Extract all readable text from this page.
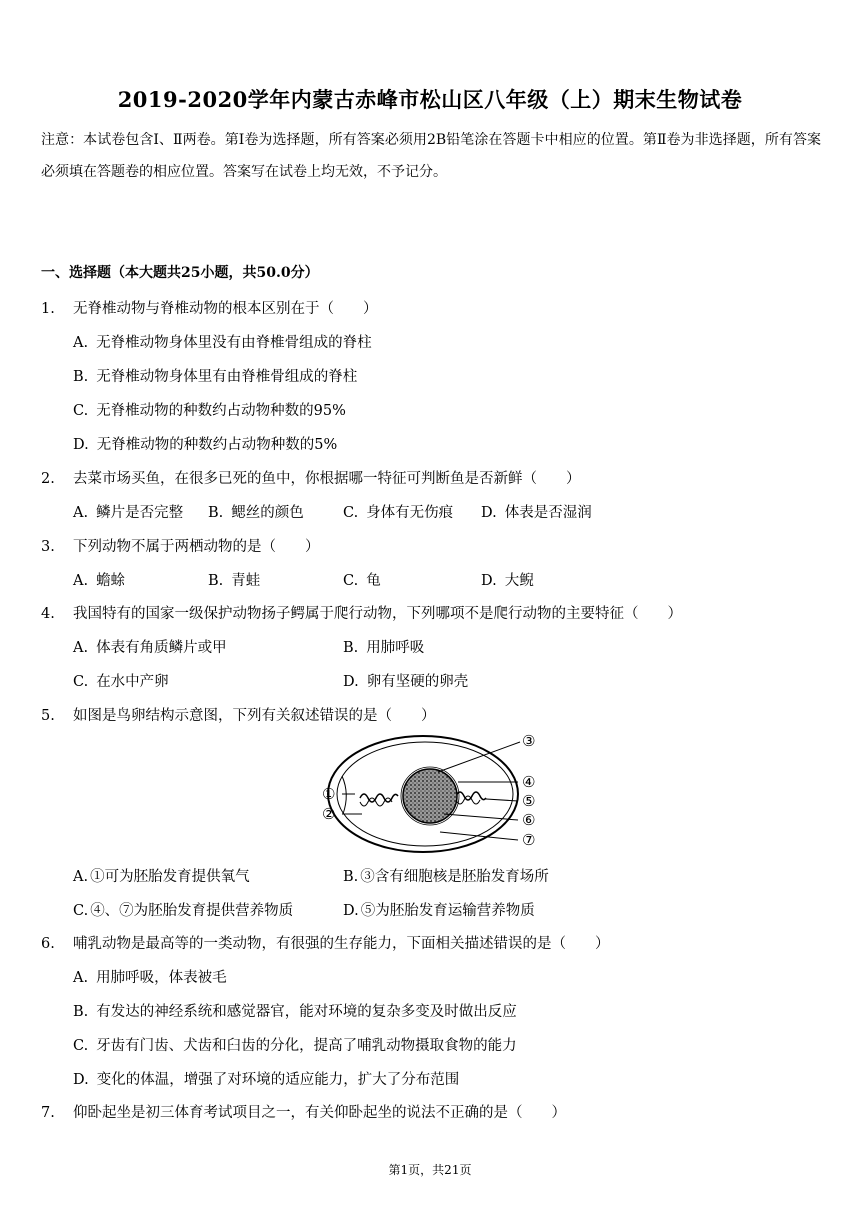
2019-2020学年内蒙古赤峰市松山区八年级（上）期末生物试卷
注意：本试卷包含Ⅰ、Ⅱ两卷。第Ⅰ卷为选择题，所有答案必须用2B铅笔涂在答题卡中相应的位置。第Ⅱ卷为非选择题，所有答案必须填在答题卷的相应位置。答案写在试卷上均无效，不予记分。
一、选择题（本大题共25小题，共50.0分）
1. 无脊椎动物与脊椎动物的根本区别在于（　　）
A. 无脊椎动物身体里没有由脊椎骨组成的脊柱
B. 无脊椎动物身体里有由脊椎骨组成的脊柱
C. 无脊椎动物的种数约占动物种数的95%
D. 无脊椎动物的种数约占动物种数的5%
2. 去菜市场买鱼，在很多已死的鱼中，你根据哪一特征可判断鱼是否新鲜（　　）
A. 鳞片是否完整 B. 鳃丝的颜色	C. 身体有无伤痕 D. 体表是否湿润
3. 下列动物不属于两栖动物的是（　　）
A. 蟾蜍	B. 青蛙	C. 龟	D. 大鲵
4. 我国特有的国家一级保护动物扬子鳄属于爬行动物，下列哪项不是爬行动物的主要特征（　　）
A. 体表有角质鳞片或甲	B. 用肺呼吸
C. 在水中产卵	D. 卵有坚硬的卵壳
5. 如图是鸟卵结构示意图，下列有关叙述错误的是（　　）
①
②
③
④
⑤
⑥
⑦
A. ①可为胚胎发育提供氧气	B. ③含有细胞核是胚胎发育场所
C. ④、⑦为胚胎发育提供营养物质	D. ⑤为胚胎发育运输营养物质
6. 哺乳动物是最高等的一类动物，有很强的生存能力，下面相关描述错误的是（　　）
A. 用肺呼吸，体表被毛
B. 有发达的神经系统和感觉器官，能对环境的复杂多变及时做出反应
C. 牙齿有门齿、犬齿和臼齿的分化，提高了哺乳动物摄取食物的能力
D. 变化的体温，增强了对环境的适应能力，扩大了分布范围
7. 仰卧起坐是初三体育考试项目之一，有关仰卧起坐的说法不正确的是（　　）
第1页，共21页
